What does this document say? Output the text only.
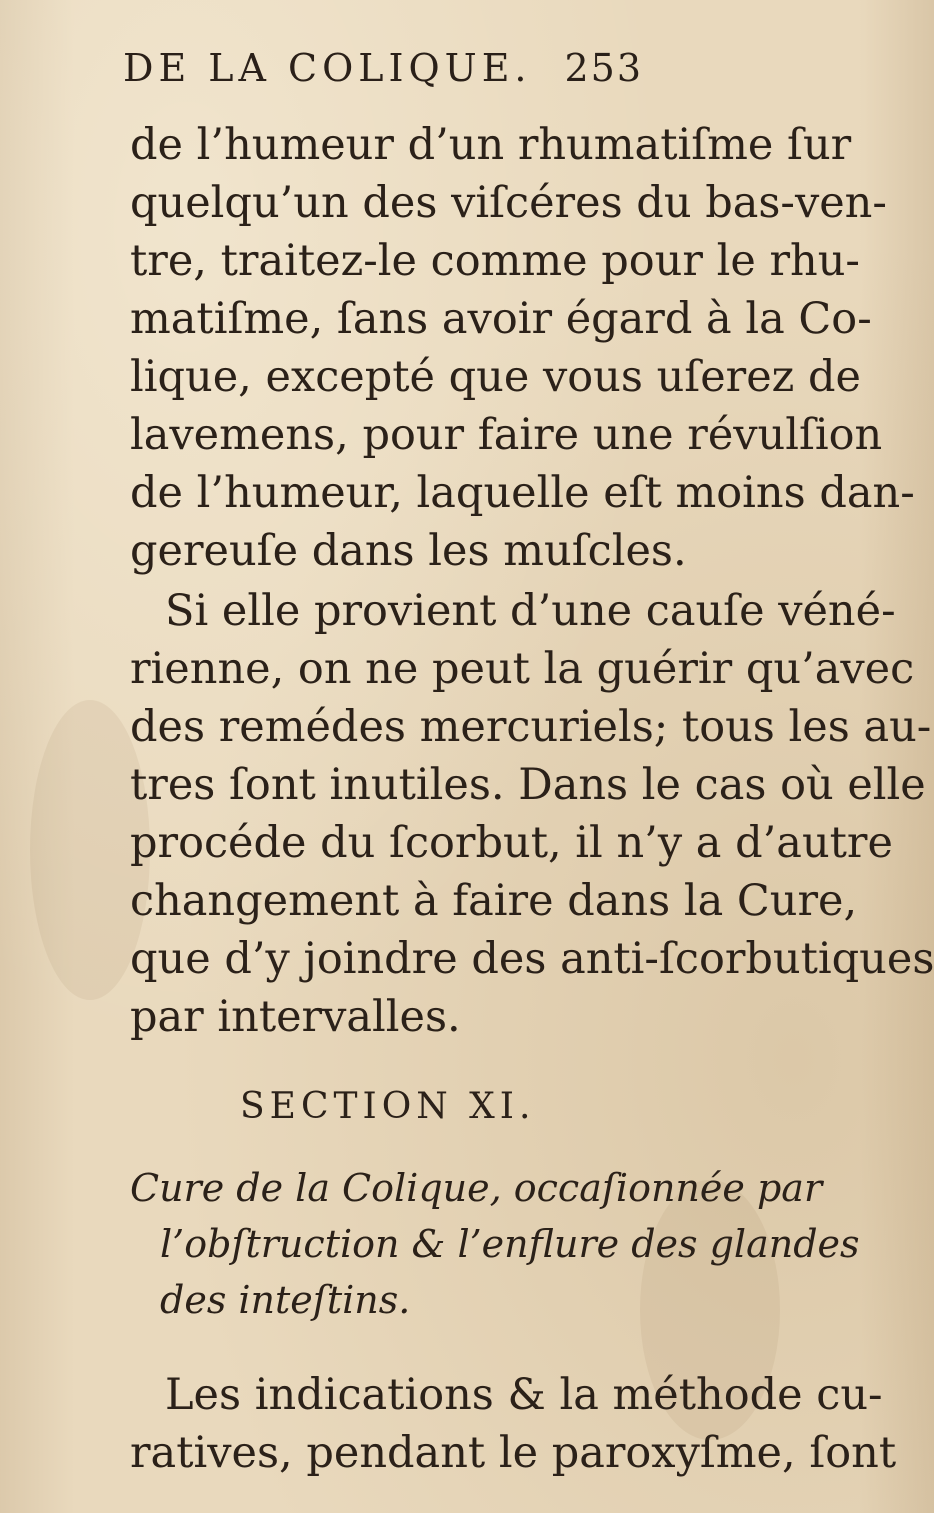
DE LA COLIQUE. 253
de l’humeur d’un rhumatiſme ſur
quelqu’un des viſcéres du bas-ven-
tre, traitez-le comme pour le rhu-
matiſme, ſans avoir égard à la Co-
lique, excepté que vous uſerez de
lavemens, pour faire une révulſion
de l’humeur, laquelle eſt moins dan-
gereuſe dans les muſcles.
Si elle provient d’une cauſe véné-
rienne, on ne peut la guérir qu’avec
des remédes mercuriels; tous les au-
tres ſont inutiles. Dans le cas où elle
procéde du ſcorbut, il n’y a d’autre
changement à faire dans la Cure,
que d’y joindre des anti-ſcorbutiques
par intervalles.
SECTION XI.
Cure de la Colique, occaſionnée par
l’obſtruction & l’enflure des glandes
des inteſtins.
Les indications & la méthode cu-
ratives, pendant le paroxyſme, ſont
